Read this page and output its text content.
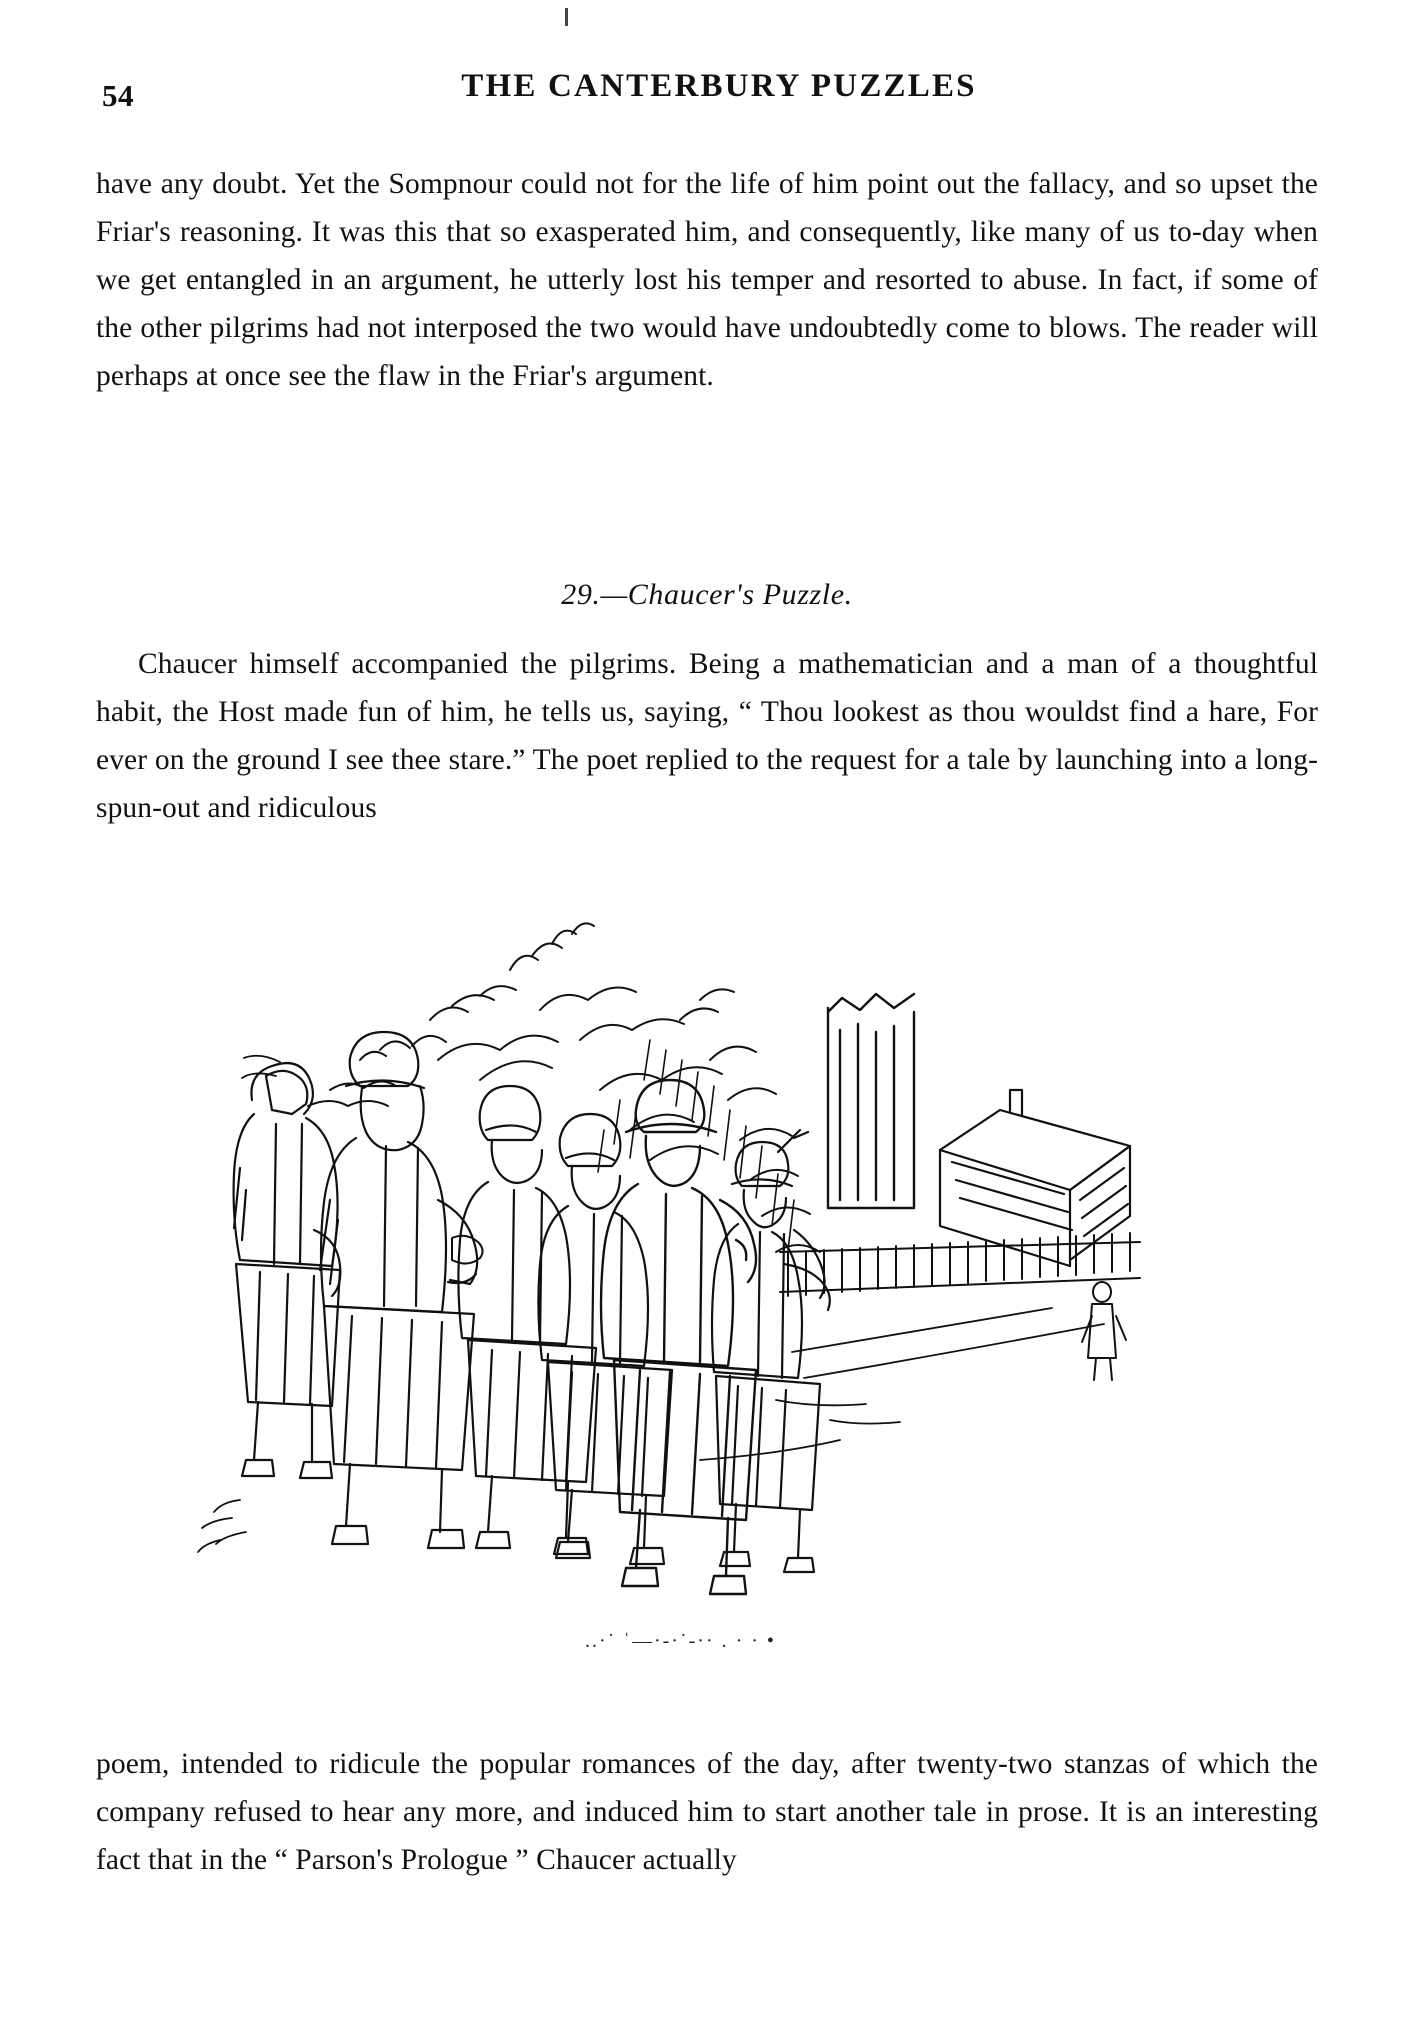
54	THE CANTERBURY PUZZLES

have any doubt. Yet the Sompnour could not for the life of him point out the fallacy, and so upset the Friar's reasoning. It was this that so exasperated him, and consequently, like many of us to-day when we get entangled in an argument, he utterly lost his temper and resorted to abuse. In fact, if some of the other pilgrims had not interposed the two would have undoubtedly come to blows. The reader will perhaps at once see the flaw in the Friar's argument.

29.—Chaucer's Puzzle.

Chaucer himself accompanied the pilgrims. Being a mathematician and a man of a thoughtful habit, the Host made fun of him, he tells us, saying, “ Thou lookest as thou wouldst find a hare, For ever on the ground I see thee stare.” The poet replied to the request for a tale by launching into a long-spun-out and ridiculous

..·˙ ˈ—·-·˙-·· . · · •

poem, intended to ridicule the popular romances of the day, after twenty-two stanzas of which the company refused to hear any more, and induced him to start another tale in prose. It is an interesting fact that in the “ Parson's Prologue ” Chaucer actually
